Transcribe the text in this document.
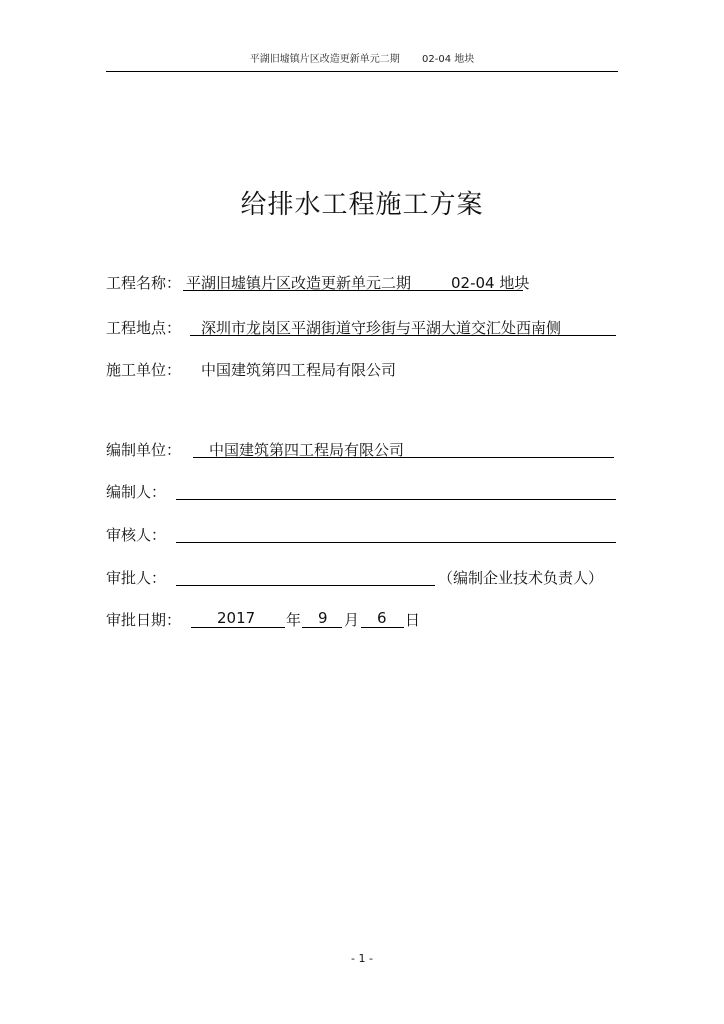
平湖旧墟镇片区改造更新单元二期 02-04 地块
给排水工程施工方案
工程名称： 平湖旧墟镇片区改造更新单元二期	02-04 地块
工程地点： 深圳市龙岗区平湖街道守珍街与平湖大道交汇处西南侧
施工单位： 中国建筑第四工程局有限公司
编制单位： 中国建筑第四工程局有限公司
编制人：
审核人：
审批人：	（编制企业技术负责人）
审批日期： 2017 年 9 月 6 日
- 1 -
